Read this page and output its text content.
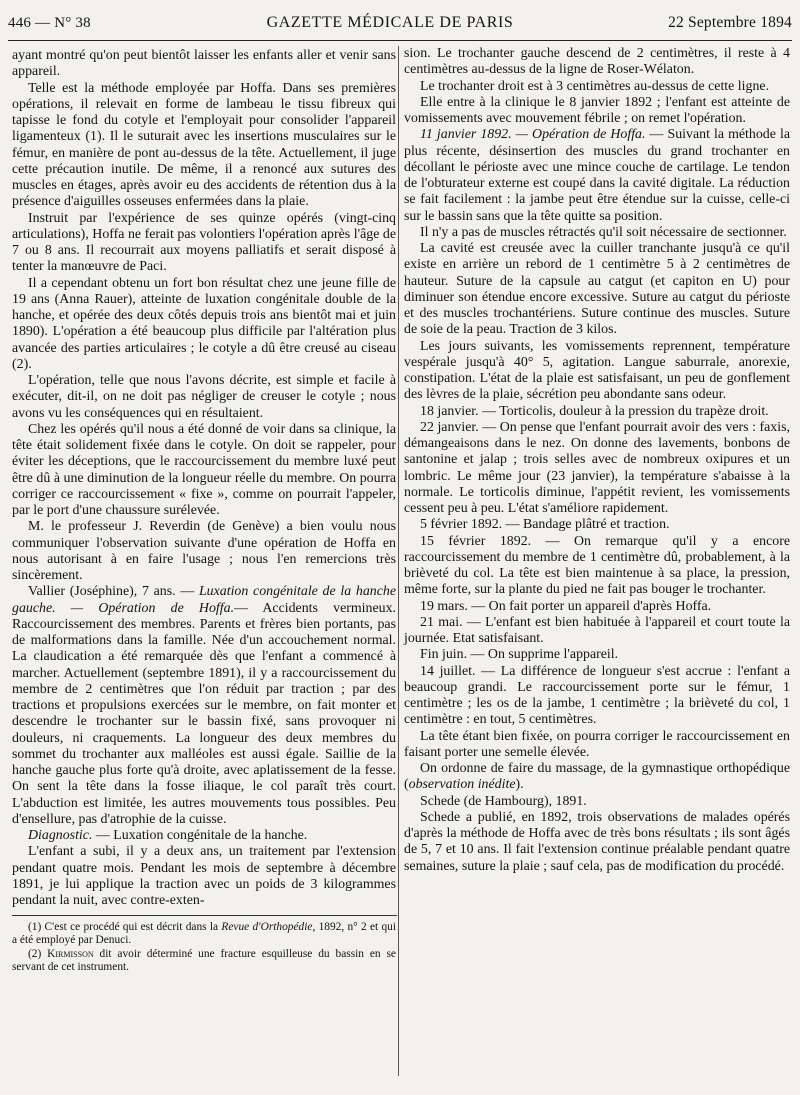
446 — N° 38	GAZETTE MÉDICALE DE PARIS	22 Septembre 1894

ayant montré qu'on peut bientôt laisser les enfants aller et venir sans appareil.

Telle est la méthode employée par Hoffa. Dans ses premières opérations, il relevait en forme de lambeau le tissu fibreux qui tapisse le fond du cotyle et l'employait pour consolider l'appareil ligamenteux (1). Il le suturait avec les insertions musculaires sur le fémur, en manière de pont au-dessus de la tête. Actuellement, il juge cette précaution inutile. De même, il a renoncé aux sutures des muscles en étages, après avoir eu des accidents de rétention dus à la présence d'aiguilles osseuses enfermées dans la plaie.

Instruit par l'expérience de ses quinze opérés (vingt-cinq articulations), Hoffa ne ferait pas volontiers l'opération après l'âge de 7 ou 8 ans. Il recourrait aux moyens palliatifs et serait disposé à tenter la manœuvre de Paci.

Il a cependant obtenu un fort bon résultat chez une jeune fille de 19 ans (Anna Rauer), atteinte de luxation congénitale double de la hanche, et opérée des deux côtés depuis trois ans bientôt mai et juin 1890). L'opération a été beaucoup plus difficile par l'altération plus avancée des parties articulaires ; le cotyle a dû être creusé au ciseau (2).

L'opération, telle que nous l'avons décrite, est simple et facile à exécuter, dit-il, on ne doit pas négliger de creuser le cotyle ; nous avons vu les conséquences qui en résultaient.

Chez les opérés qu'il nous a été donné de voir dans sa clinique, la tête était solidement fixée dans le cotyle. On doit se rappeler, pour éviter les déceptions, que le raccourcissement du membre luxé peut être dû à une diminution de la longueur réelle du membre. On pourra corriger ce raccourcissement « fixe », comme on pourrait l'appeler, par le port d'une chaussure surélevée.

M. le professeur J. Reverdin (de Genève) a bien voulu nous communiquer l'observation suivante d'une opération de Hoffa en nous autorisant à en faire l'usage ; nous l'en remercions très sincèrement.

Vallier (Joséphine), 7 ans. — Luxation congénitale de la hanche gauche. — Opération de Hoffa.— Accidents vermineux. Raccourcissement des membres. Parents et frères bien portants, pas de malformations dans la famille. Née d'un accouchement normal. La claudication a été remarquée dès que l'enfant a commencé à marcher. Actuellement (septembre 1891), il y a raccourcissement du membre de 2 centimètres que l'on réduit par traction ; par des tractions et propulsions exercées sur le membre, on fait monter et descendre le trochanter sur le bassin fixé, sans provoquer ni douleurs, ni craquements. La longueur des deux membres du sommet du trochanter aux malléoles est aussi égale. Saillie de la hanche gauche plus forte qu'à droite, avec aplatissement de la fesse. On sent la tête dans la fosse iliaque, le col paraît très court. L'abduction est limitée, les autres mouvements tous possibles. Peu d'ensellure, pas d'atrophie de la cuisse.

Diagnostic. — Luxation congénitale de la hanche.

L'enfant a subi, il y a deux ans, un traitement par l'extension pendant quatre mois. Pendant les mois de septembre à décembre 1891, je lui applique la traction avec un poids de 3 kilogrammes pendant la nuit, avec contre-exten-

(1) C'est ce procédé qui est décrit dans la Revue d'Orthopédie, 1892, n° 2 et qui a été employé par Denuci.

(2) Kirmisson dit avoir déterminé une fracture esquilleuse du bassin en se servant de cet instrument.

sion. Le trochanter gauche descend de 2 centimètres, il reste à 4 centimètres au-dessus de la ligne de Roser-Wélaton.

Le trochanter droit est à 3 centimètres au-dessus de cette ligne.

Elle entre à la clinique le 8 janvier 1892 ; l'enfant est atteinte de vomissements avec mouvement fébrile ; on remet l'opération.

11 janvier 1892. — Opération de Hoffa. — Suivant la méthode la plus récente, désinsertion des muscles du grand trochanter en décollant le périoste avec une mince couche de cartilage. Le tendon de l'obturateur externe est coupé dans la cavité digitale. La réduction se fait facilement : la jambe peut être étendue sur la cuisse, celle-ci sur le bassin sans que la tête quitte sa position.

Il n'y a pas de muscles rétractés qu'il soit nécessaire de sectionner.

La cavité est creusée avec la cuiller tranchante jusqu'à ce qu'il existe en arrière un rebord de 1 centimètre 5 à 2 centimètres de hauteur. Suture de la capsule au catgut (et capiton en U) pour diminuer son étendue encore excessive. Suture au catgut du périoste et des muscles trochantériens. Suture continue des muscles. Suture de soie de la peau. Traction de 3 kilos.

Les jours suivants, les vomissements reprennent, température vespérale jusqu'à 40° 5, agitation. Langue saburrale, anorexie, constipation. L'état de la plaie est satisfaisant, un peu de gonflement des lèvres de la plaie, sécrétion peu abondante sans odeur.

18 janvier. — Torticolis, douleur à la pression du trapèze droit.

22 janvier. — On pense que l'enfant pourrait avoir des vers : faxis, démangeaisons dans le nez. On donne des lavements, bonbons de santonine et jalap ; trois selles avec de nombreux oxipures et un lombric. Le même jour (23 janvier), la température s'abaisse à la normale. Le torticolis diminue, l'appétit revient, les vomissements cessent peu à peu. L'état s'améliore rapidement.

5 février 1892. — Bandage plâtré et traction.

15 février 1892. — On remarque qu'il y a encore raccourcissement du membre de 1 centimètre dû, probablement, à la brièveté du col. La tête est bien maintenue à sa place, la pression, même forte, sur la plante du pied ne fait pas bouger le trochanter.

19 mars. — On fait porter un appareil d'après Hoffa.

21 mai. — L'enfant est bien habituée à l'appareil et court toute la journée. Etat satisfaisant.

Fin juin. — On supprime l'appareil.

14 juillet. — La différence de longueur s'est accrue : l'enfant a beaucoup grandi. Le raccourcissement porte sur le fémur, 1 centimètre ; les os de la jambe, 1 centimètre ; la brièveté du col, 1 centimètre : en tout, 5 centimètres.

La tête étant bien fixée, on pourra corriger le raccourcissement en faisant porter une semelle élevée.

On ordonne de faire du massage, de la gymnastique orthopédique (observation inédite).

Schede (de Hambourg), 1891.

Schede a publié, en 1892, trois observations de malades opérés d'après la méthode de Hoffa avec de très bons résultats ; ils sont âgés de 5, 7 et 10 ans. Il fait l'extension continue préalable pendant quatre semaines, suture la plaie ; sauf cela, pas de modification du procédé.
